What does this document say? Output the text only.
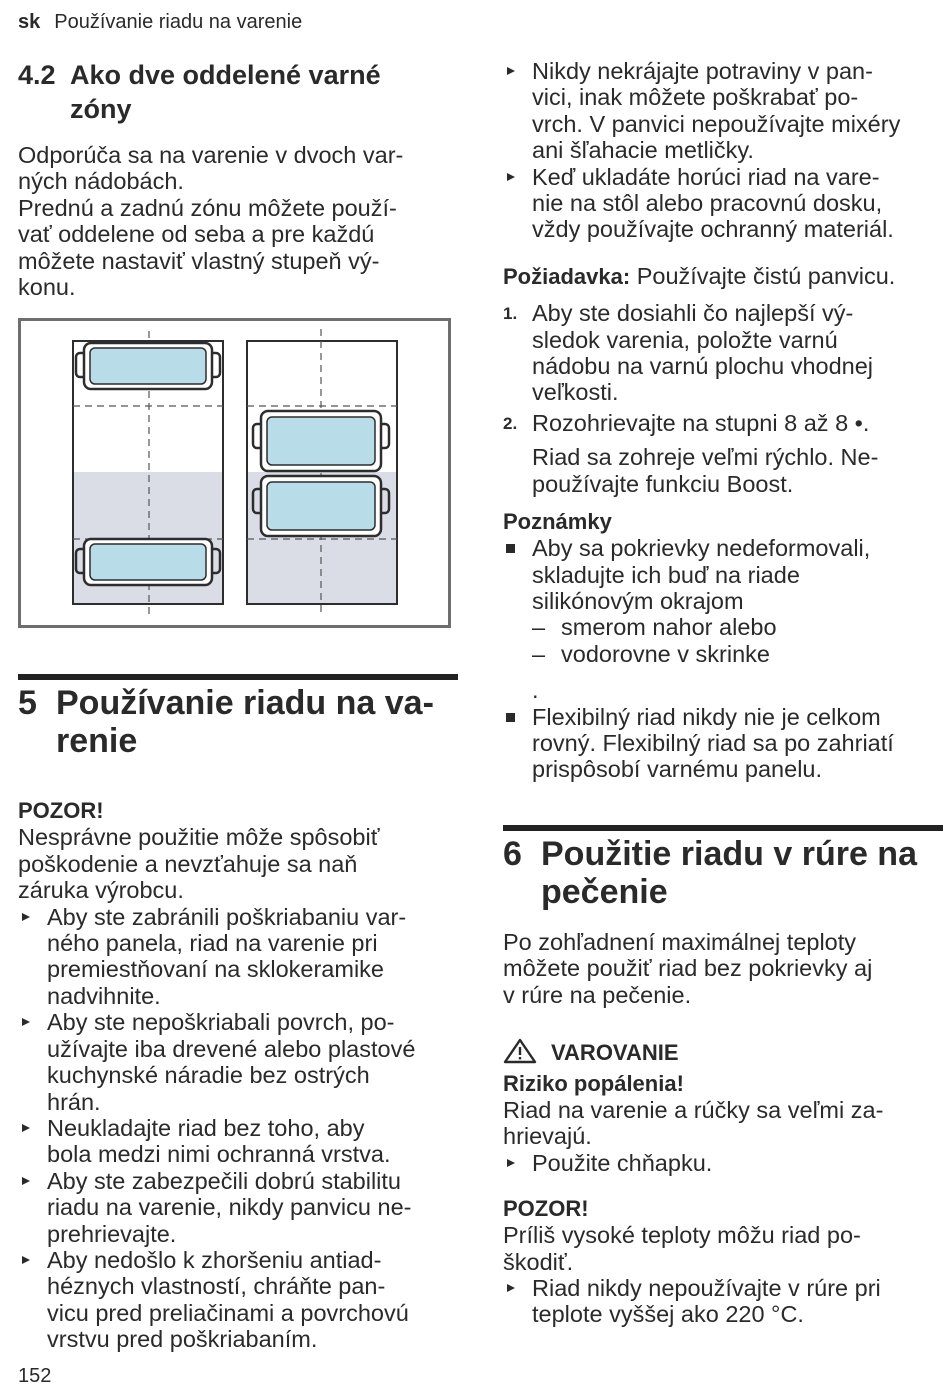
sk Používanie riadu na varenie
4.2 Ako dve oddelené varné
zóny
Odporúča sa na varenie v dvoch var-
ných nádobách.
Prednú a zadnú zónu môžete použí-
vať oddelene od seba a pre každú
môžete nastaviť vlastný stupeň vý-
konu.
5 Používanie riadu na va-
renie
POZOR!
Nesprávne použitie môže spôsobiť
poškodenie a nevzťahuje sa naň
záruka výrobcu.
Aby ste zabránili poškriabaniu var-
ného panela, riad na varenie pri
premiestňovaní na sklokeramike
nadvihnite.
Aby ste nepoškriabali povrch, po-
užívajte iba drevené alebo plastové
kuchynské náradie bez ostrých
hrán.
Neukladajte riad bez toho, aby
bola medzi nimi ochranná vrstva.
Aby ste zabezpečili dobrú stabilitu
riadu na varenie, nikdy panvicu ne-
prehrievajte.
Aby nedošlo k zhoršeniu antiad-
héznych vlastností, chráňte pan-
vicu pred preliačinami a povrchovú
vrstvu pred poškriabaním.
Nikdy nekrájajte potraviny v pan-
vici, inak môžete poškrabať po-
vrch. V panvici nepoužívajte mixéry
ani šľahacie metličky.
Keď ukladáte horúci riad na vare-
nie na stôl alebo pracovnú dosku,
vždy používajte ochranný materiál.
Požiadavka: Používajte čistú panvicu.
1. Aby ste dosiahli čo najlepší vý-
sledok varenia, položte varnú
nádobu na varnú plochu vhodnej
veľkosti.
2. Rozohrievajte na stupni 8 až 8 •.
Riad sa zohreje veľmi rýchlo. Ne-
používajte funkciu Boost.
Poznámky
Aby sa pokrievky nedeformovali,
skladujte ich buď na riade
silikónovým okrajom
– smerom nahor alebo
– vodorovne v skrinke
.
Flexibilný riad nikdy nie je celkom
rovný. Flexibilný riad sa po zahriatí
prispôsobí varnému panelu.
6 Použitie riadu v rúre na
pečenie
Po zohľadnení maximálnej teploty
môžete použiť riad bez pokrievky aj
v rúre na pečenie.
VAROVANIE
Riziko popálenia!
Riad na varenie a rúčky sa veľmi za-
hrievajú.
Použite chňapku.
POZOR!
Príliš vysoké teploty môžu riad po-
škodiť.
Riad nikdy nepoužívajte v rúre pri
teplote vyššej ako 220 °C.
152
